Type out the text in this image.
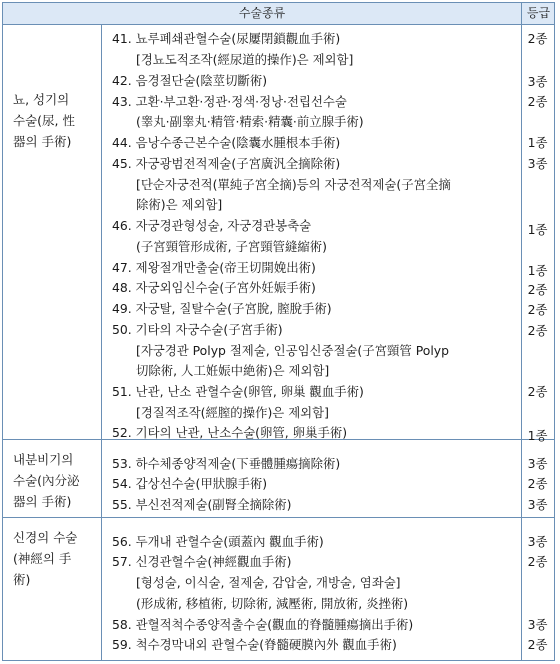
수술종류	등급
뇨, 성기의
수술(尿, 性
器의 手術)
41. 뇨루폐쇄관혈수술(尿屢閉鎖觀血手術)
[경뇨도적조작(經尿道的操作)은 제외함]
42. 음경절단술(陰莖切斷術)
43. 고환·부고환·정관·정색·정낭·전립선수술
(睾丸·副睾丸·精管·精索·精囊·前立腺手術)
44. 음낭수종근본수술(陰囊水腫根本手術)
45. 자궁광범전적제술(子宮廣汎全摘除術)
[단순자궁전적(單純子宮全摘)등의 자궁전적제술(子宮全摘
除術)은 제외함]
46. 자궁경관형성술, 자궁경관봉축술
(子宮頸管形成術, 子宮頸管縫縮術)
47. 제왕절개만출술(帝王切開娩出術)
48. 자궁외임신수술(子宮外妊娠手術)
49. 자궁탈, 질탈수술(子宮脫, 膣脫手術)
50. 기타의 자궁수술(子宮手術)
[자궁경관 Polyp 절제술, 인공임신중절술(子宮頸管 Polyp
切除術, 人工姙娠中絶術)은 제외함]
51. 난관, 난소 관혈수술(卵管, 卵巢 觀血手術)
[경질적조작(經膣的操作)은 제외함]
52. 기타의 난관, 난소수술(卵管, 卵巢手術)
2종
3종
2종
1종
3종
1종
1종
2종
2종
2종
2종
1종
내분비기의
수술(內分泌
器의 手術)
53. 하수체종양적제술(下垂體腫瘍摘除術)
54. 갑상선수술(甲狀腺手術)
55. 부신전적제술(副腎全摘除術)
3종
2종
3종
신경의 수술
(神經의 手
術)
56. 두개내 관혈수술(頭蓋內 觀血手術)
57. 신경관혈수술(神經觀血手術)
[형성술, 이식술, 절제술, 감압술, 개방술, 염좌술]
(形成術, 移植術, 切除術, 減壓術, 開放術, 炎挫術)
58. 관혈적척수종양적출수술(觀血的脊髓腫瘍摘出手術)
59. 척수경막내외 관혈수술(脊髓硬膜內外 觀血手術)
3종
2종
3종
2종
